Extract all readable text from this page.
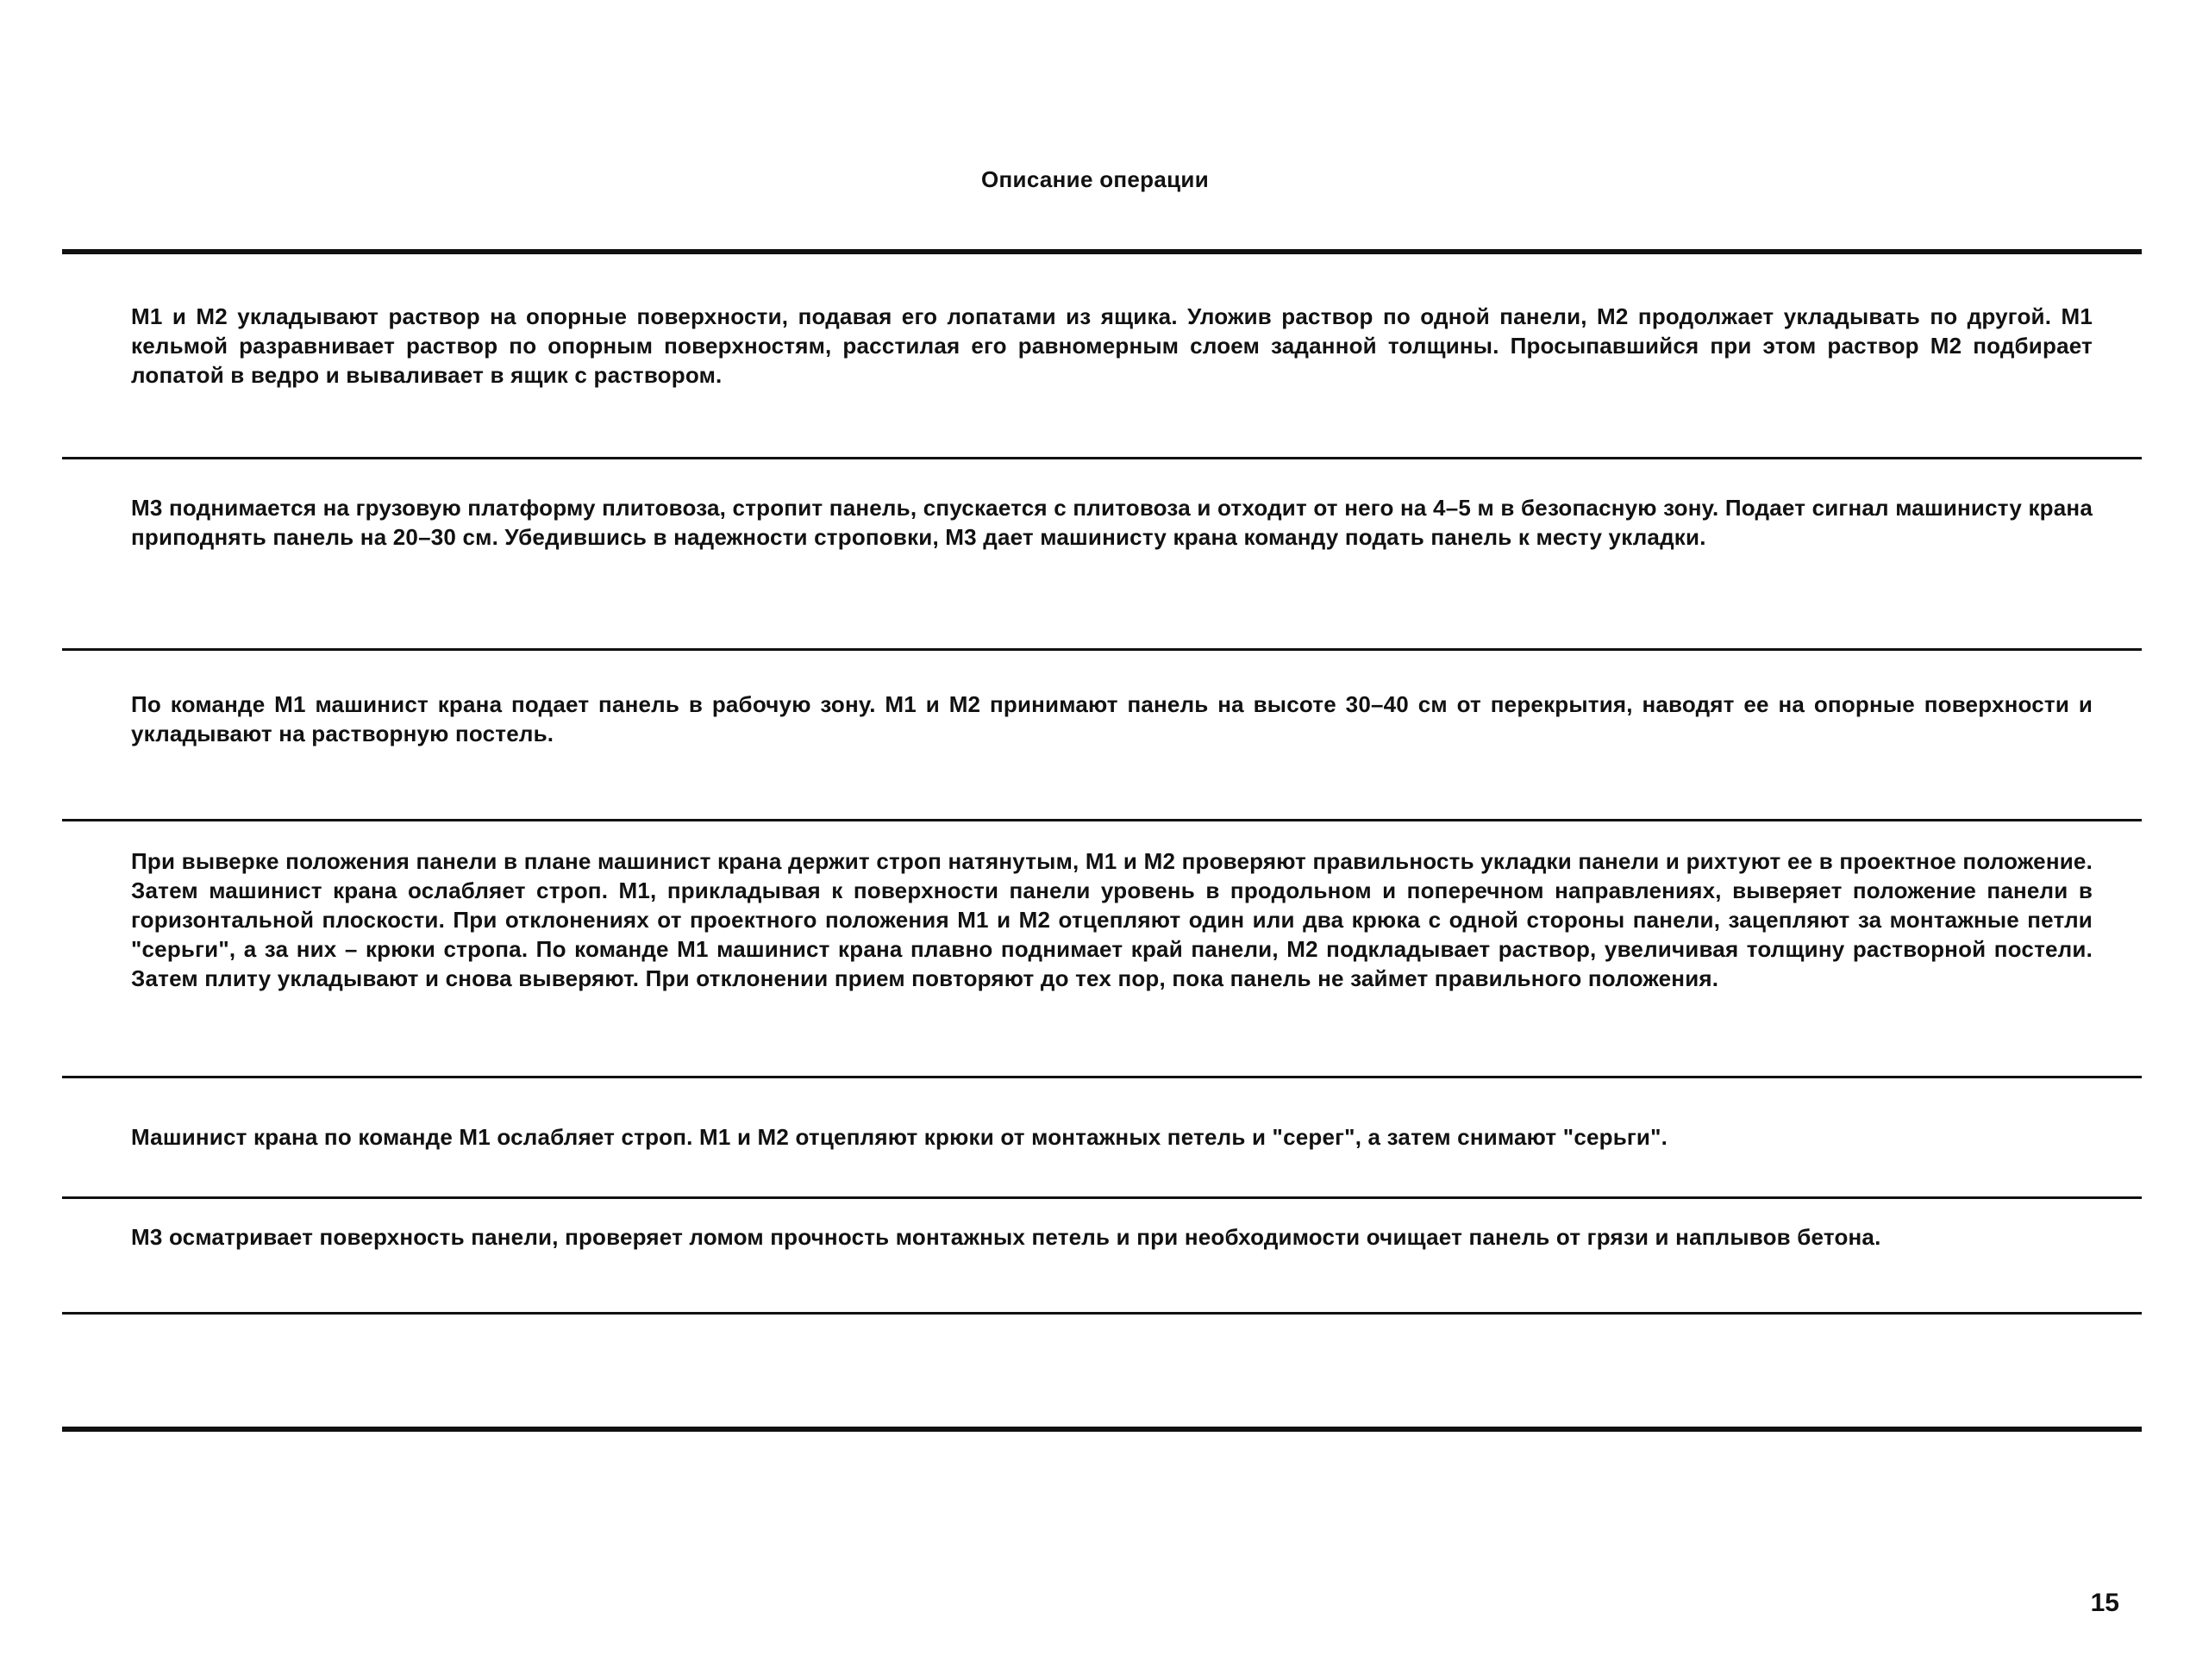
Описание операции

М1 и М2 укладывают раствор на опорные поверхности, подавая его лопатами из ящика. Уложив раствор по одной панели, М2 продолжает укладывать по другой. М1 кельмой разравнивает раствор по опорным поверхностям, расстилая его равномерным слоем заданной толщины. Просыпавшийся при этом раствор М2 подбирает лопатой в ведро и вываливает в ящик с раствором.

М3 поднимается на грузовую платформу плитовоза, стропит панель, спускается с плитовоза и отходит от него на 4–5 м в безопасную зону. Подает сигнал машинисту крана приподнять панель на 20–30 см. Убедившись в надежности строповки, М3 дает машинисту крана команду подать панель к месту укладки.

По команде М1 машинист крана подает панель в рабочую зону. М1 и М2 принимают панель на высоте 30–40 см от перекрытия, наводят ее на опорные поверхности и укладывают на растворную постель.

При выверке положения панели в плане машинист крана держит строп натянутым, М1 и М2 проверяют правильность укладки панели и рихтуют ее в проектное положение. Затем машинист крана ослабляет строп. М1, прикладывая к поверхности панели уровень в продольном и поперечном направлениях, выверяет положение панели в горизонтальной плоскости. При отклонениях от проектного положения М1 и М2 отцепляют один или два крюка с одной стороны панели, зацепляют за монтажные петли "серьги", а за них – крюки стропа. По команде М1 машинист крана плавно поднимает край панели, М2 подкладывает раствор, увеличивая толщину растворной постели. Затем плиту укладывают и снова выверяют. При отклонении прием повторяют до тех пор, пока панель не займет правильного положения.

Машинист крана по команде М1 ослабляет строп. М1 и М2 отцепляют крюки от монтажных петель и "серег", а затем снимают "серьги".

М3 осматривает поверхность панели, проверяет ломом прочность монтажных петель и при необходимости очищает панель от грязи и наплывов бетона.

15
